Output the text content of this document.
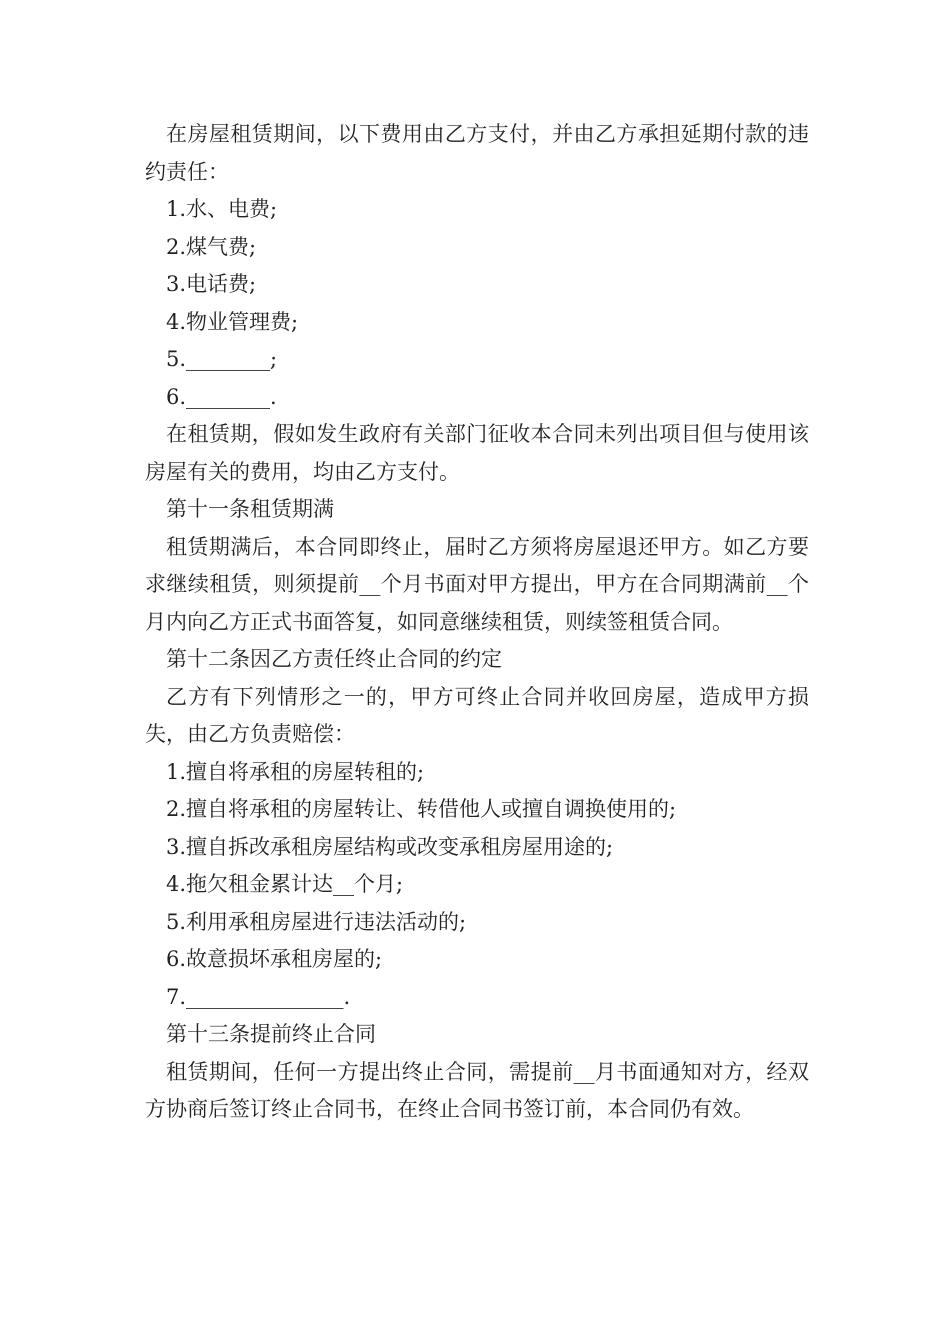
在房屋租赁期间，以下费用由乙方支付，并由乙方承担延期付款的违约责任：

1.水、电费;

2.煤气费;

3.电话费;

4.物业管理费;

5.________;

6.________.

在租赁期，假如发生政府有关部门征收本合同未列出项目但与使用该房屋有关的费用，均由乙方支付。

第十一条租赁期满

租赁期满后，本合同即终止，届时乙方须将房屋退还甲方。如乙方要求继续租赁，则须提前__个月书面对甲方提出，甲方在合同期满前__个月内向乙方正式书面答复，如同意继续租赁，则续签租赁合同。

第十二条因乙方责任终止合同的约定

乙方有下列情形之一的，甲方可终止合同并收回房屋，造成甲方损失，由乙方负责赔偿：

1.擅自将承租的房屋转租的;

2.擅自将承租的房屋转让、转借他人或擅自调换使用的;

3.擅自拆改承租房屋结构或改变承租房屋用途的;

4.拖欠租金累计达__个月;

5.利用承租房屋进行违法活动的;

6.故意损坏承租房屋的;

7._______________.

第十三条提前终止合同

租赁期间，任何一方提出终止合同，需提前__月书面通知对方，经双方协商后签订终止合同书，在终止合同书签订前，本合同仍有效。
